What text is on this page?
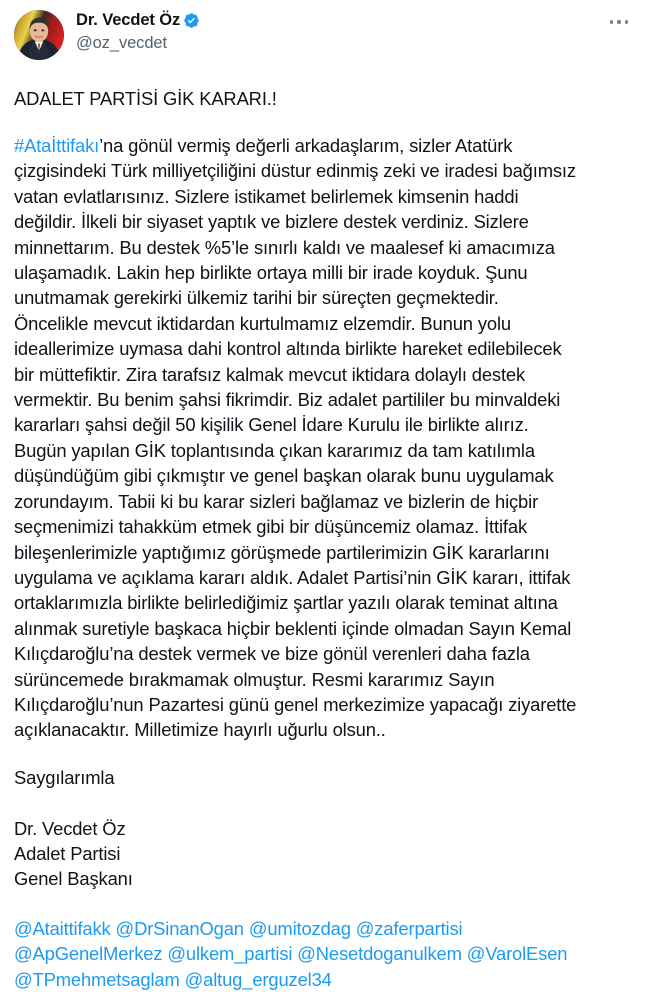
Dr. Vecdet Öz
@oz_vecdet
ADALET PARTİSİ GİK KARARI.!
#Ataİttifakı’na gönül vermiş değerli arkadaşlarım, sizler Atatürk çizgisindeki Türk milliyetçiliğini düstur edinmiş zeki ve iradesi bağımsız vatan evlatlarısınız. Sizlere istikamet belirlemek kimsenin haddi değildir. İlkeli bir siyaset yaptık ve bizlere destek verdiniz. Sizlere minnettarım. Bu destek %5’le sınırlı kaldı ve maalesef ki amacımıza ulaşamadık. Lakin hep birlikte ortaya milli bir irade koyduk. Şunu unutmamak gerekirki ülkemiz tarihi bir süreçten geçmektedir. Öncelikle mevcut iktidardan kurtulmamız elzemdir. Bunun yolu ideallerimize uymasa dahi kontrol altında birlikte hareket edilebilecek bir müttefiktir. Zira tarafsız kalmak mevcut iktidara dolaylı destek vermektir. Bu benim şahsi fikrimdir. Biz adalet partililer bu minvaldeki kararları şahsi değil 50 kişilik Genel İdare Kurulu ile birlikte alırız. Bugün yapılan GİK toplantısında çıkan kararımız da tam katılımla düşündüğüm gibi çıkmıştır ve genel başkan olarak bunu uygulamak zorundayım. Tabii ki bu karar sizleri bağlamaz ve bizlerin de hiçbir seçmenimizi tahakküm etmek gibi bir düşüncemiz olamaz. İttifak bileşenlerimizle yaptığımız görüşmede partilerimizin GİK kararlarını uygulama ve açıklama kararı aldık. Adalet Partisi’nin GİK kararı, ittifak ortaklarımızla birlikte belirlediğimiz şartlar yazılı olarak teminat altına alınmak suretiyle başkaca hiçbir beklenti içinde olmadan Sayın Kemal Kılıçdaroğlu’na destek vermek ve bize gönül verenleri daha fazla sürüncemede bırakmamak olmuştur. Resmi kararımız Sayın Kılıçdaroğlu’nun Pazartesi günü genel merkezimize yapacağı ziyarette açıklanacaktır. Milletimize hayırlı uğurlu olsun..
Saygılarımla
Dr. Vecdet Öz
Adalet Partisi
Genel Başkanı
@Ataittifakk @DrSinanOgan @umitozdag @zaferpartisi
@ApGenelMerkez @ulkem_partisi @Nesetdoganulkem @VarolEsen
@TPmehmetsaglam @altug_erguzel34
